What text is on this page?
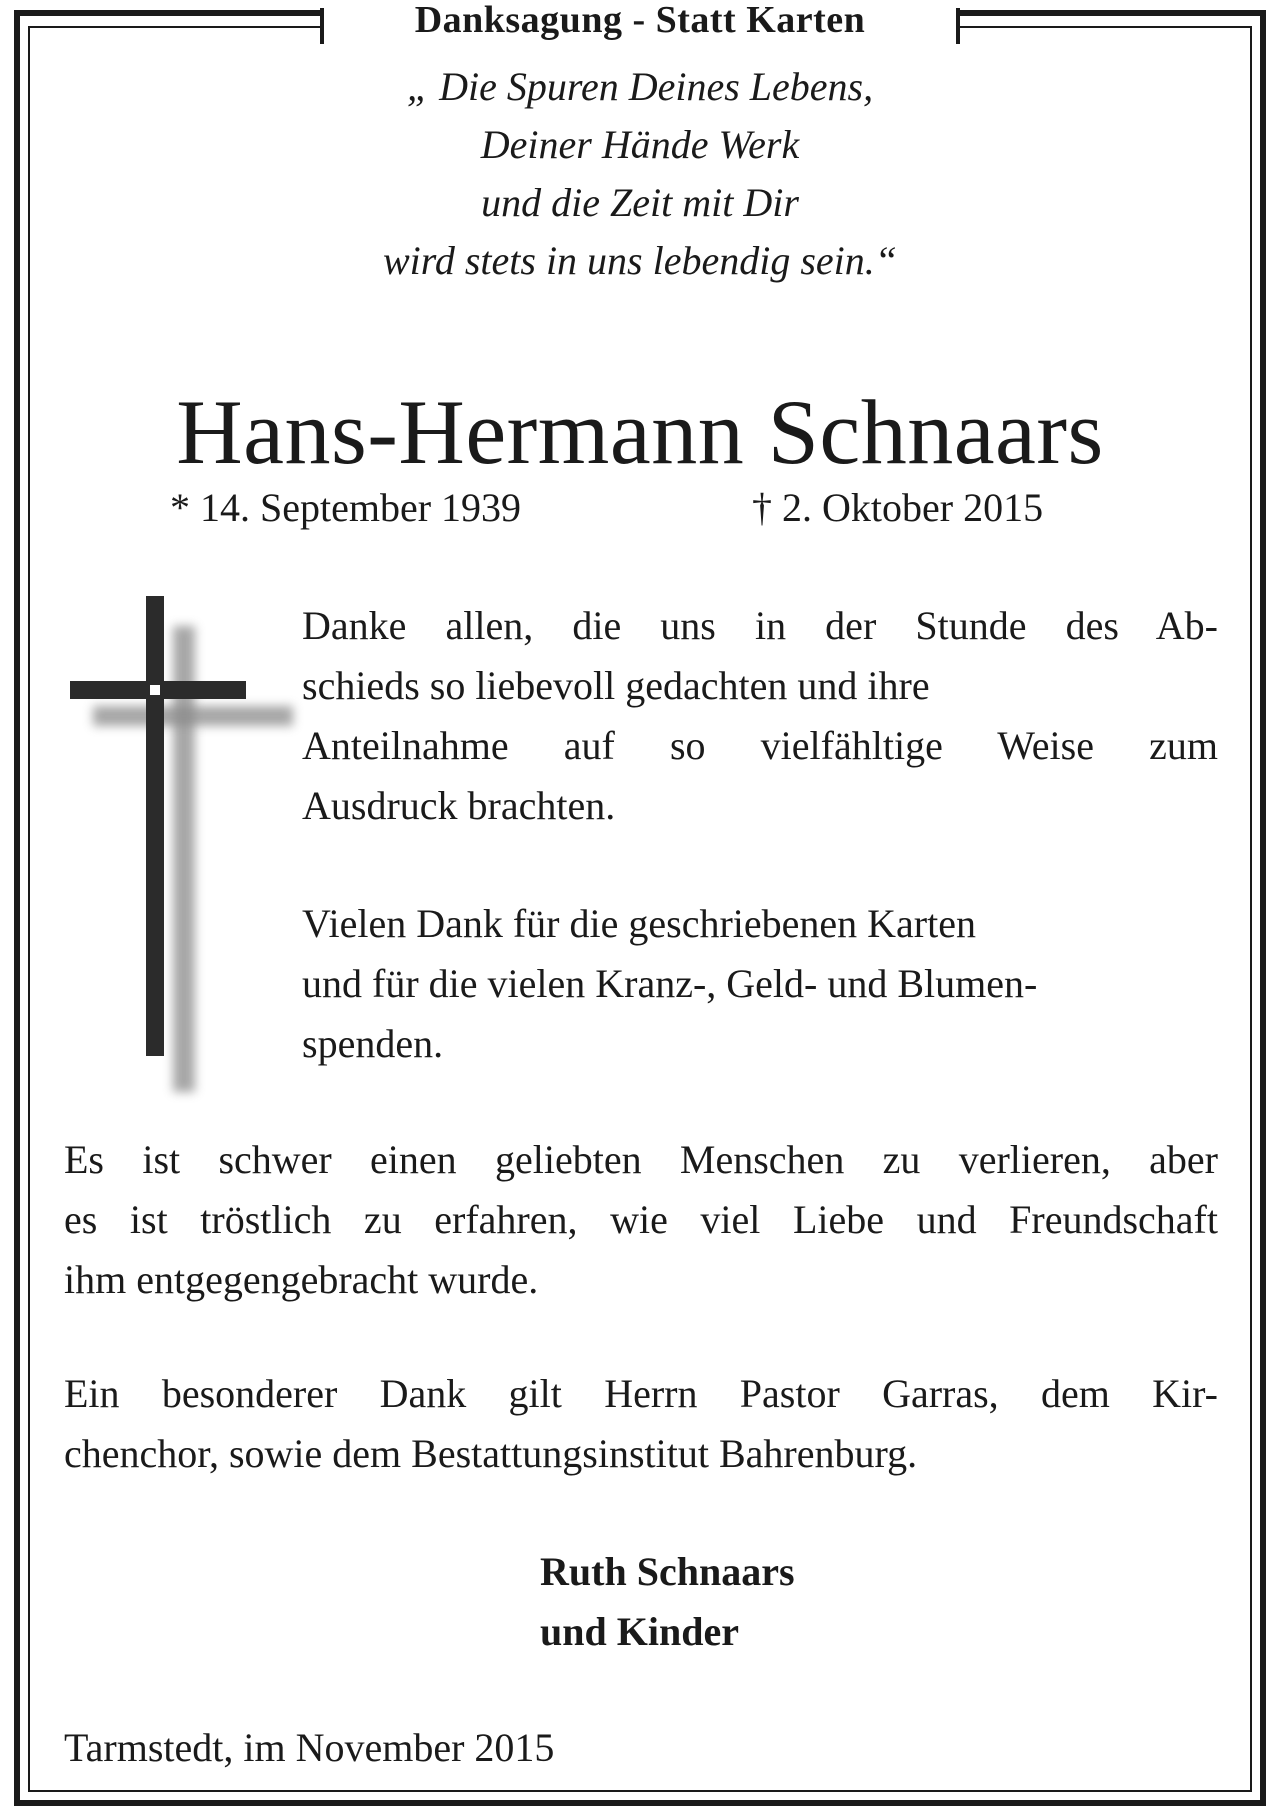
Danksagung - Statt Karten
„ Die Spuren Deines Lebens,
Deiner Hände Werk
und die Zeit mit Dir
wird stets in uns lebendig sein.“
Hans-Hermann Schnaars
* 14. September 1939	† 2. Oktober 2015
Danke allen, die uns in der Stunde des Ab-
schieds so liebevoll gedachten und ihre
Anteilnahme auf so vielfähltige Weise zum
Ausdruck brachten.
Vielen Dank für die geschriebenen Karten
und für die vielen Kranz-, Geld- und Blumen-
spenden.
Es ist schwer einen geliebten Menschen zu verlieren, aber
es ist tröstlich zu erfahren, wie viel Liebe und Freundschaft
ihm entgegengebracht wurde.
Ein besonderer Dank gilt Herrn Pastor Garras, dem Kir-
chenchor, sowie dem Bestattungsinstitut Bahrenburg.
Ruth Schnaars
und Kinder
Tarmstedt, im November 2015
